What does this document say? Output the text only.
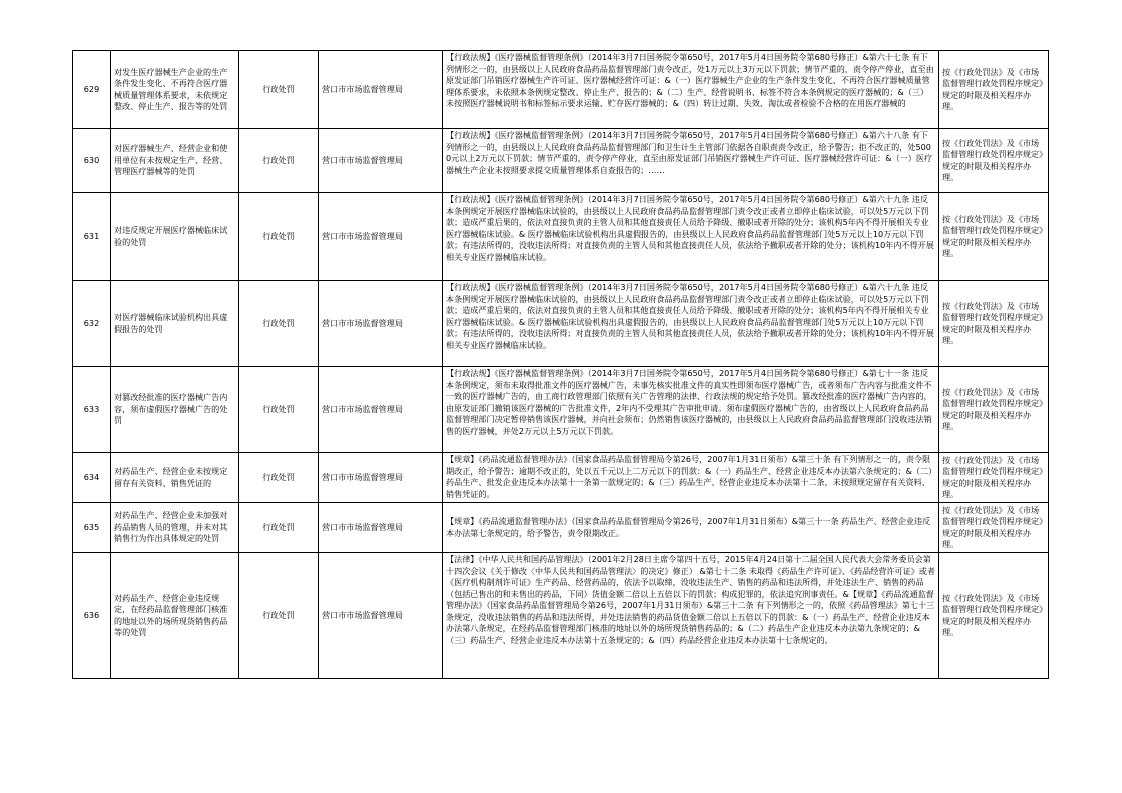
629	对发生医疗器械生产企业的生产条件发生变化、不再符合医疗器械质量管理体系要求，未依规定整改、停止生产、报告等的处罚	行政处罚	营口市市场监督管理局	【行政法规】《医疗器械监督管理条例》（2014年3月7日国务院令第650号，2017年5月4日国务院令第680号修正）&第六十七条 有下列情形之一的，由县级以上人民政府食品药品监督管理部门责令改正，处1万元以上3万元以下罚款；情节严重的，责令停产停业，直至由原发证部门吊销医疗器械生产许可证、医疗器械经营许可证：&（一）医疗器械生产企业的生产条件发生变化、不再符合医疗器械质量管理体系要求，未依照本条例规定整改、停止生产、报告的；&（二）生产、经营说明书、标签不符合本条例规定的医疗器械的；&（三）未按照医疗器械说明书和标签标示要求运输、贮存医疗器械的；&（四）转让过期、失效、淘汰或者检验不合格的在用医疗器械的	按《行政处罚法》及《市场监督管理行政处罚程序规定》规定的时限及相关程序办理。
630	对医疗器械生产、经营企业和使用单位有未按规定生产、经营、管理医疗器械等的处罚	行政处罚	营口市市场监督管理局	【行政法规】《医疗器械监督管理条例》（2014年3月7日国务院令第650号，2017年5月4日国务院令第680号修正）&第六十八条 有下列情形之一的，由县级以上人民政府食品药品监督管理部门和卫生计生主管部门依据各自职责责令改正，给予警告；拒不改正的，处5000元以上2万元以下罚款；情节严重的，责令停产停业，直至由原发证部门吊销医疗器械生产许可证、医疗器械经营许可证：&（一）医疗器械生产企业未按照要求提交质量管理体系自查报告的；……	按《行政处罚法》及《市场监督管理行政处罚程序规定》规定的时限及相关程序办理。
631	对违反规定开展医疗器械临床试验的处罚	行政处罚	营口市市场监督管理局	【行政法规】《医疗器械监督管理条例》（2014年3月7日国务院令第650号，2017年5月4日国务院令第680号修正）&第六十九条 违反本条例规定开展医疗器械临床试验的，由县级以上人民政府食品药品监督管理部门责令改正或者立即停止临床试验，可以处5万元以下罚款；造成严重后果的，依法对直接负责的主管人员和其他直接责任人员给予降级、撤职或者开除的处分；该机构5年内不得开展相关专业医疗器械临床试验。& 医疗器械临床试验机构出具虚假报告的，由县级以上人民政府食品药品监督管理部门处5万元以上10万元以下罚款；有违法所得的，没收违法所得；对直接负责的主管人员和其他直接责任人员，依法给予撤职或者开除的处分；该机构10年内不得开展相关专业医疗器械临床试验。	按《行政处罚法》及《市场监督管理行政处罚程序规定》规定的时限及相关程序办理。
632	对医疗器械临床试验机构出具虚假报告的处罚	行政处罚	营口市市场监督管理局	【行政法规】《医疗器械监督管理条例》（2014年3月7日国务院令第650号，2017年5月4日国务院令第680号修正）&第六十九条 违反本条例规定开展医疗器械临床试验的，由县级以上人民政府食品药品监督管理部门责令改正或者立即停止临床试验，可以处5万元以下罚款；造成严重后果的，依法对直接负责的主管人员和其他直接责任人员给予降级、撤职或者开除的处分；该机构5年内不得开展相关专业医疗器械临床试验。& 医疗器械临床试验机构出具虚假报告的，由县级以上人民政府食品药品监督管理部门处5万元以上10万元以下罚款；有违法所得的，没收违法所得；对直接负责的主管人员和其他直接责任人员，依法给予撤职或者开除的处分；该机构10年内不得开展相关专业医疗器械临床试验。	按《行政处罚法》及《市场监督管理行政处罚程序规定》规定的时限及相关程序办理。
633	对篡改经批准的医疗器械广告内容，须布虚假医疗器械广告的处罚	行政处罚	营口市市场监督管理局	【行政法规】《医疗器械监督管理条例》（2014年3月7日国务院令第650号，2017年5月4日国务院令第680号修正）&第七十一条 违反本条例规定，须布未取得批准文件的医疗器械广告，未事先核实批准文件的真实性即须布医疗器械广告，或者须布广告内容与批准文件不一致的医疗器械广告的，由工商行政管理部门依照有关广告管理的法律、行政法规的规定给予处罚。篡改经批准的医疗器械广告内容的，由原发证部门撤销该医疗器械的广告批准文件，2年内不受理其广告审批申请。须布虚假医疗器械广告的，由省级以上人民政府食品药品监督管理部门决定暂停销售该医疗器械，并向社会须布；仍然销售该医疗器械的，由县级以上人民政府食品药品监督管理部门没收违法销售的医疗器械，并处2万元以上5万元以下罚款。	按《行政处罚法》及《市场监督管理行政处罚程序规定》规定的时限及相关程序办理。
634	对药品生产、经营企业未按规定留存有关资料、销售凭证的	行政处罚	营口市市场监督管理局	【规章】《药品流通监督管理办法》（国家食品药品监督管理局令第26号，2007年1月31日须布）&第三十条 有下列情形之一的，责令限期改正，给予警告；逾期不改正的，处以五千元以上二万元以下的罚款：&（一）药品生产、经营企业违反本办法第六条规定的；&（二）药品生产、批发企业违反本办法第十一条第一款规定的；&（三）药品生产、经营企业违反本办法第十二条，未按照规定留存有关资料、销售凭证的。	按《行政处罚法》及《市场监督管理行政处罚程序规定》规定的时限及相关程序办理。
635	对药品生产、经营企业未加强对药品销售人员的管理，并未对其销售行为作出具体规定的处罚	行政处罚	营口市市场监督管理局	【规章】《药品流通监督管理办法》（国家食品药品监督管理局令第26号，2007年1月31日须布）&第三十一条 药品生产、经营企业违反本办法第七条规定的，给予警告，责令限期改正。	按《行政处罚法》及《市场监督管理行政处罚程序规定》规定的时限及相关程序办理。
636	对药品生产、经营企业违反规定，在经药品监督管理部门核准的地址以外的场所现货销售药品等的处罚	行政处罚	营口市市场监督管理局	【法律】《中华人民共和国药品管理法》（2001年2月28日主席令第四十五号，2015年4月24日第十二届全国人民代表大会常务委员会第十四次会议《关于修改〈中华人民共和国药品管理法〉的决定》修正） &第七十二条 未取得《药品生产许可证》、《药品经营许可证》或者《医疗机构制剂许可证》生产药品、经营药品的，依法予以取缔，没收违法生产、销售的药品和违法所得，并处违法生产、销售的药品（包括已售出的和未售出的药品，下同）货值金额二倍以上五倍以下的罚款；构成犯罪的，依法追究刑事责任。&【规章】《药品流通监督管理办法》（国家食品药品监督管理局令第26号，2007年1月31日须布）&第三十二条 有下列情形之一的，依照《药品管理法》第七十三条规定，没收违法销售的药品和违法所得，并处违法销售的药品货值金额二倍以上五倍以下的罚款：&（一）药品生产、经营企业违反本办法第八条规定，在经药品监督管理部门核准的地址以外的场所现货销售药品的；&（二）药品生产企业违反本办法第九条规定的；&（三）药品生产、经营企业违反本办法第十五条规定的；&（四）药品经营企业违反本办法第十七条规定的。	按《行政处罚法》及《市场监督管理行政处罚程序规定》规定的时限及相关程序办理。
